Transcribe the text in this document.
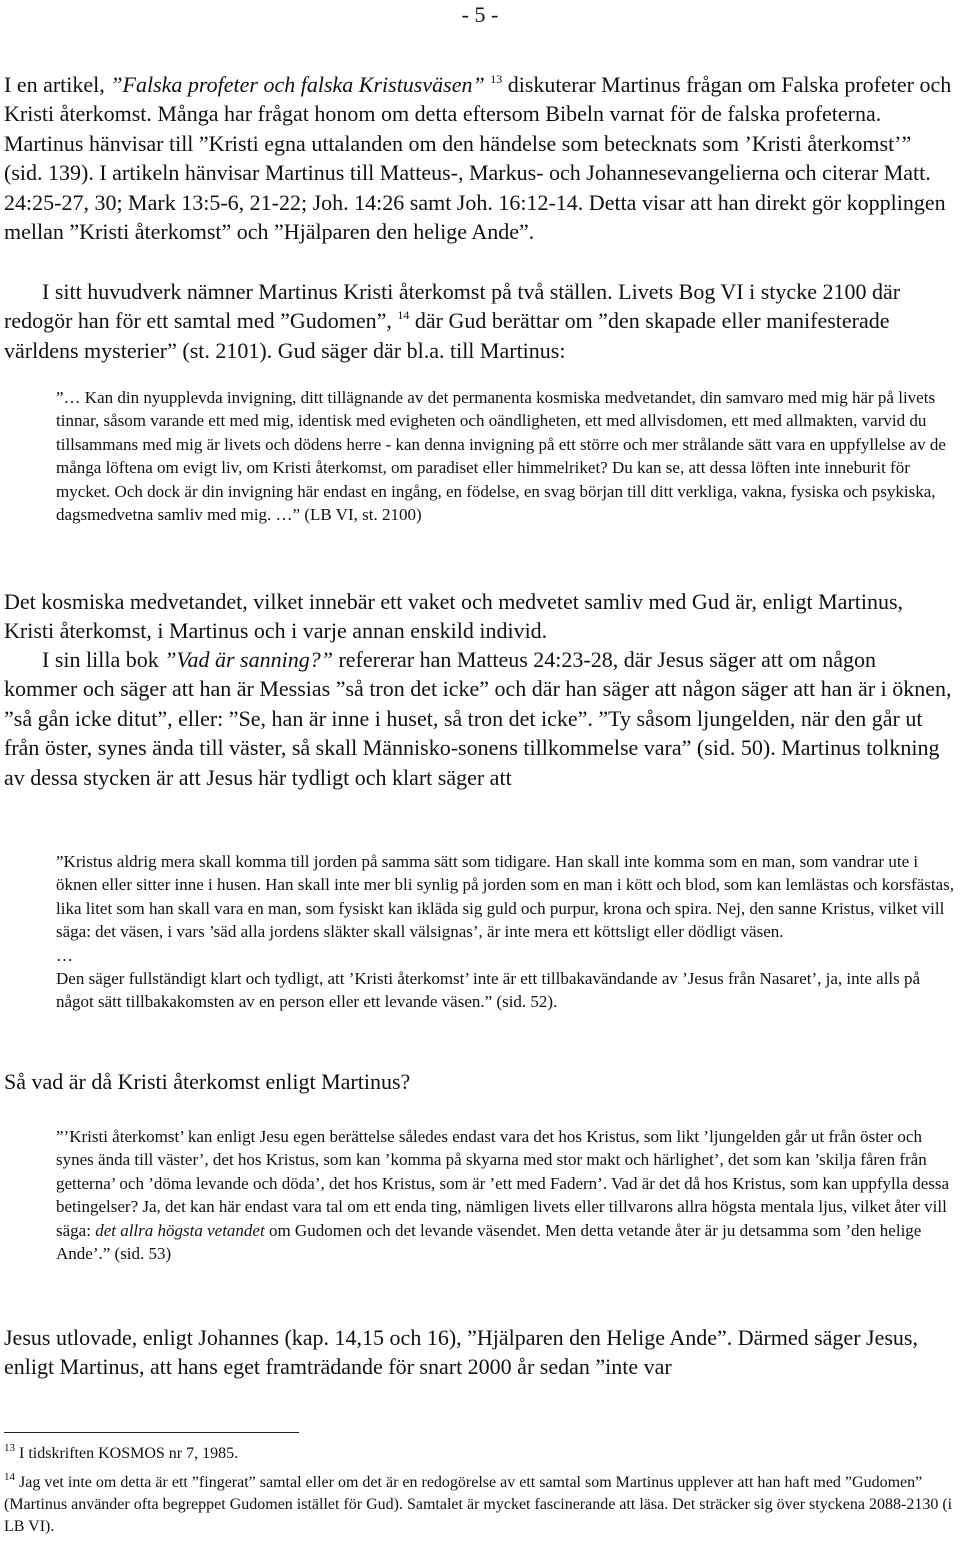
- 5 -

I en artikel, ”Falska profeter och falska Kristusväsen” $^{13}$ diskuterar Martinus frågan om Falska profeter och Kristi återkomst. Många har frågat honom om detta eftersom Bibeln varnat för de falska profeterna. Martinus hänvisar till ”Kristi egna uttalanden om den händelse som betecknats som ’Kristi återkomst’” (sid. 139). I artikeln hänvisar Martinus till Matteus-, Markus- och Johannesevangelierna och citerar Matt. 24:25-27, 30; Mark 13:5-6, 21-22; Joh. 14:26 samt Joh. 16:12-14. Detta visar att han direkt gör kopplingen mellan ”Kristi återkomst” och ”Hjälparen den helige Ande”.

I sitt huvudverk nämner Martinus Kristi återkomst på två ställen. Livets Bog VI i stycke 2100 där redogör han för ett samtal med ”Gudomen”, $^{14}$ där Gud berättar om ”den skapade eller manifesterade världens mysterier” (st. 2101). Gud säger där bl.a. till Martinus:

”… Kan din nyupplevda invigning, ditt tillägnande av det permanenta kosmiska medvetandet, din samvaro med mig här på livets tinnar, såsom varande ett med mig, identisk med evigheten och oändligheten, ett med allvisdomen, ett med allmakten, varvid du tillsammans med mig är livets och dödens herre - kan denna invigning på ett större och mer strålande sätt vara en uppfyllelse av de många löftena om evigt liv, om Kristi återkomst, om paradiset eller himmelriket? Du kan se, att dessa löften inte inneburit för mycket. Och dock är din invigning här endast en ingång, en födelse, en svag början till ditt verkliga, vakna, fysiska och psykiska, dagsmedvetna samliv med mig. …” (LB VI, st. 2100)

Det kosmiska medvetandet, vilket innebär ett vaket och medvetet samliv med Gud är, enligt Martinus, Kristi återkomst, i Martinus och i varje annan enskild individ.

I sin lilla bok ”Vad är sanning?” refererar han Matteus 24:23-28, där Jesus säger att om någon kommer och säger att han är Messias ”så tron det icke” och där han säger att någon säger att han är i öknen, ”så gån icke ditut”, eller: ”Se, han är inne i huset, så tron det icke”. ”Ty såsom ljungelden, när den går ut från öster, synes ända till väster, så skall Människo-sonens tillkommelse vara” (sid. 50). Martinus tolkning av dessa stycken är att Jesus här tydligt och klart säger att

”Kristus aldrig mera skall komma till jorden på samma sätt som tidigare. Han skall inte komma som en man, som vandrar ute i öknen eller sitter inne i husen. Han skall inte mer bli synlig på jorden som en man i kött och blod, som kan lemlästas och korsfästas, lika litet som han skall vara en man, som fysiskt kan ikläda sig guld och purpur, krona och spira. Nej, den sanne Kristus, vilket vill säga: det väsen, i vars ’säd alla jordens släkter skall välsignas’, är inte mera ett köttsligt eller dödligt väsen.
…
Den säger fullständigt klart och tydligt, att ’Kristi återkomst’ inte är ett tillbakavändande av ’Jesus från Nasaret’, ja, inte alls på något sätt tillbakakomsten av en person eller ett levande väsen.” (sid. 52).

Så vad är då Kristi återkomst enligt Martinus?

”’Kristi återkomst’ kan enligt Jesu egen berättelse således endast vara det hos Kristus, som likt ’ljungelden går ut från öster och synes ända till väster’, det hos Kristus, som kan ’komma på skyarna med stor makt och härlighet’, det som kan ’skilja fåren från getterna’ och ’döma levande och döda’, det hos Kristus, som är ’ett med Fadern’. Vad är det då hos Kristus, som kan uppfylla dessa betingelser? Ja, det kan här endast vara tal om ett enda ting, nämligen livets eller tillvarons allra högsta mentala ljus, vilket åter vill säga: det allra högsta vetandet om Gudomen och det levande väsendet. Men detta vetande åter är ju detsamma som ’den helige Ande’.” (sid. 53)

Jesus utlovade, enligt Johannes (kap. 14,15 och 16), ”Hjälparen den Helige Ande”. Därmed säger Jesus, enligt Martinus, att hans eget framträdande för snart 2000 år sedan ”inte var

$^{13}$ I tidskriften KOSMOS nr 7, 1985.

$^{14}$ Jag vet inte om detta är ett ”fingerat” samtal eller om det är en redogörelse av ett samtal som Martinus upplever att han haft med ”Gudomen” (Martinus använder ofta begreppet Gudomen istället för Gud). Samtalet är mycket fascinerande att läsa. Det sträcker sig över styckena 2088-2130 (i LB VI).
